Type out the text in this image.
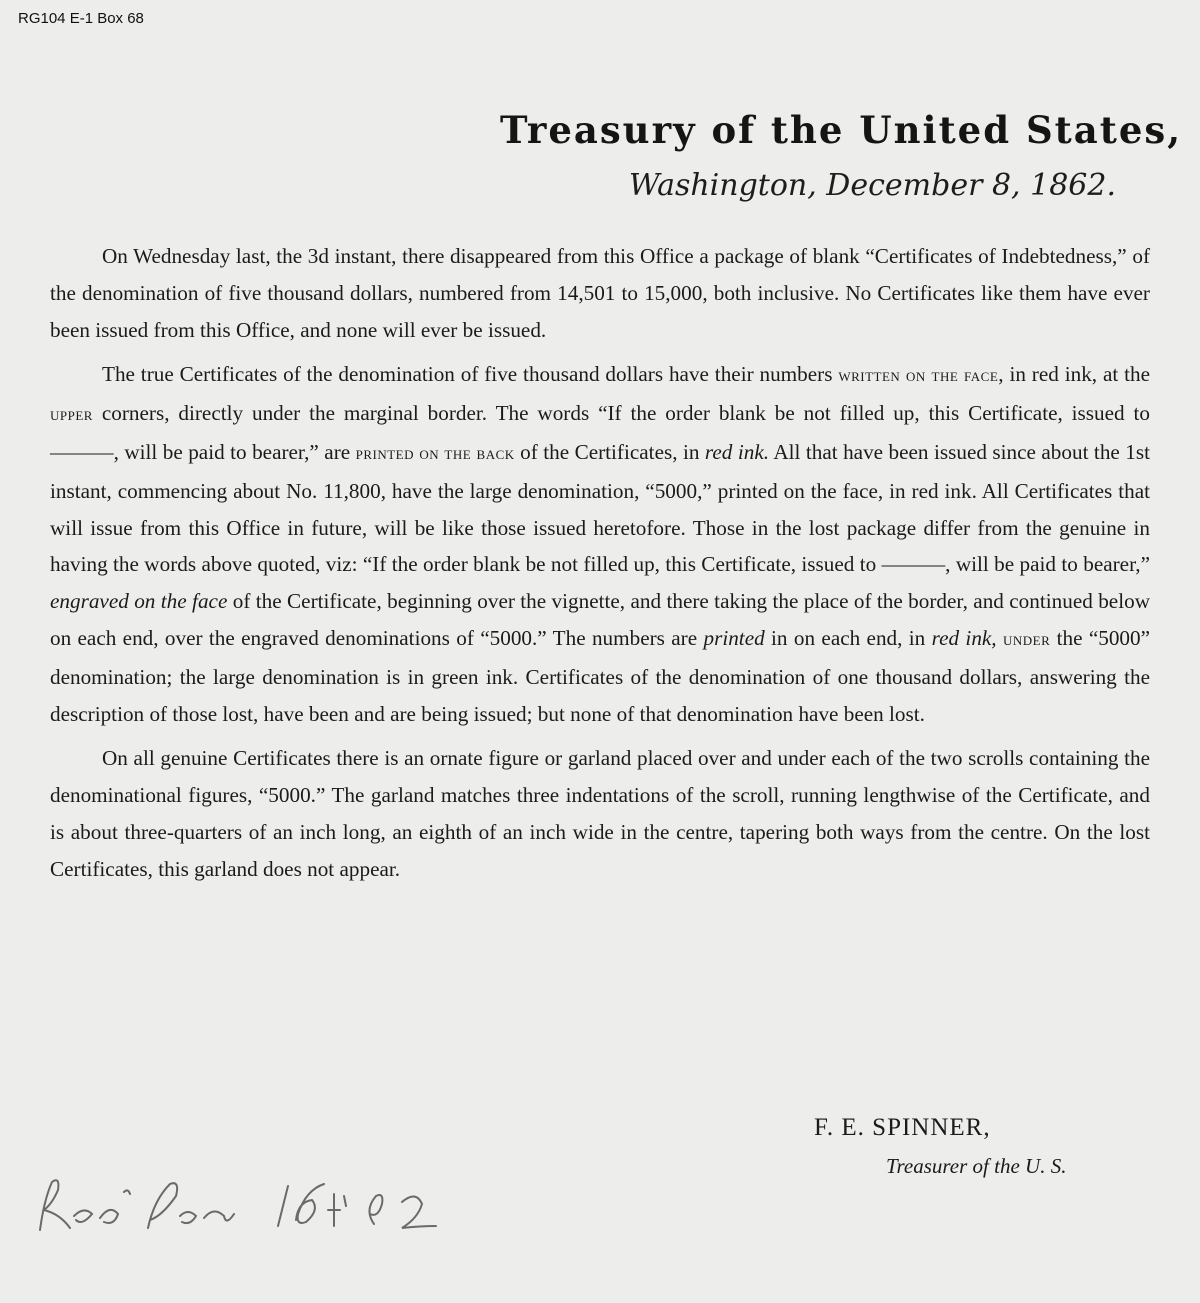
RG104 E-1 Box 68
Treasury of the United States,
Washington, December 8, 1862.

On Wednesday last, the 3d instant, there disappeared from this Office a package of blank “Certificates of Indebtedness,” of the denomination of five thousand dollars, numbered from 14,501 to 15,000, both inclusive. No Certificates like them have ever been issued from this Office, and none will ever be issued.

The true Certificates of the denomination of five thousand dollars have their numbers written on the face, in red ink, at the upper corners, directly under the marginal border. The words “If the order blank be not filled up, this Certificate, issued to ———, will be paid to bearer,” are printed on the back of the Certificates, in red ink. All that have been issued since about the 1st instant, commencing about No. 11,800, have the large denomination, “5000,” printed on the face, in red ink. All Certificates that will issue from this Office in future, will be like those issued heretofore. Those in the lost package differ from the genuine in having the words above quoted, viz: “If the order blank be not filled up, this Certificate, issued to ———, will be paid to bearer,” engraved on the face of the Certificate, beginning over the vignette, and there taking the place of the border, and continued below on each end, over the engraved denominations of “5000.” The numbers are printed in on each end, in red ink, under the “5000” denomination; the large denomination is in green ink. Certificates of the denomination of one thousand dollars, answering the description of those lost, have been and are being issued; but none of that denomination have been lost.

On all genuine Certificates there is an ornate figure or garland placed over and under each of the two scrolls containing the denominational figures, “5000.” The garland matches three indentations of the scroll, running lengthwise of the Certificate, and is about three-quarters of an inch long, an eighth of an inch wide in the centre, tapering both ways from the centre. On the lost Certificates, this garland does not appear.

F. E. SPINNER,
Treasurer of the U. S.
